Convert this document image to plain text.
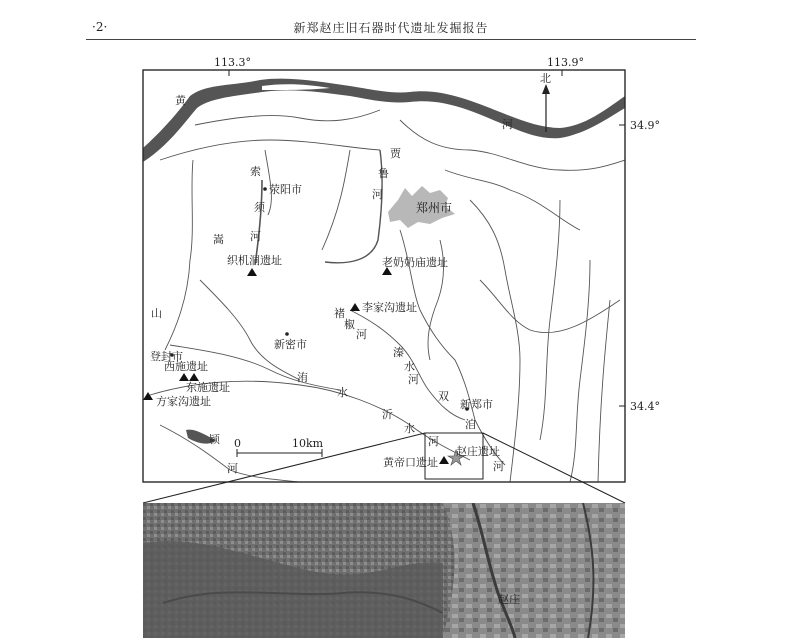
·2·	新郑赵庄旧石器时代遗址发掘报告
113.3°	113.9°
34.9°
34.4°
北
0	10km
荥阳市
郑州市
新密市
登封市
新郑市
织机洞遗址	老奶奶庙遗址
李家沟遗址
西施遗址
东施遗址
方家沟遗址
黄帝口遗址
赵庄遗址
黄
河
索
须
河
贾
鲁
河
嵩
山	褚
椒
河
溱
水
河
洧
水	双
洎
河
沂
水
河
颍
河
赵庄
